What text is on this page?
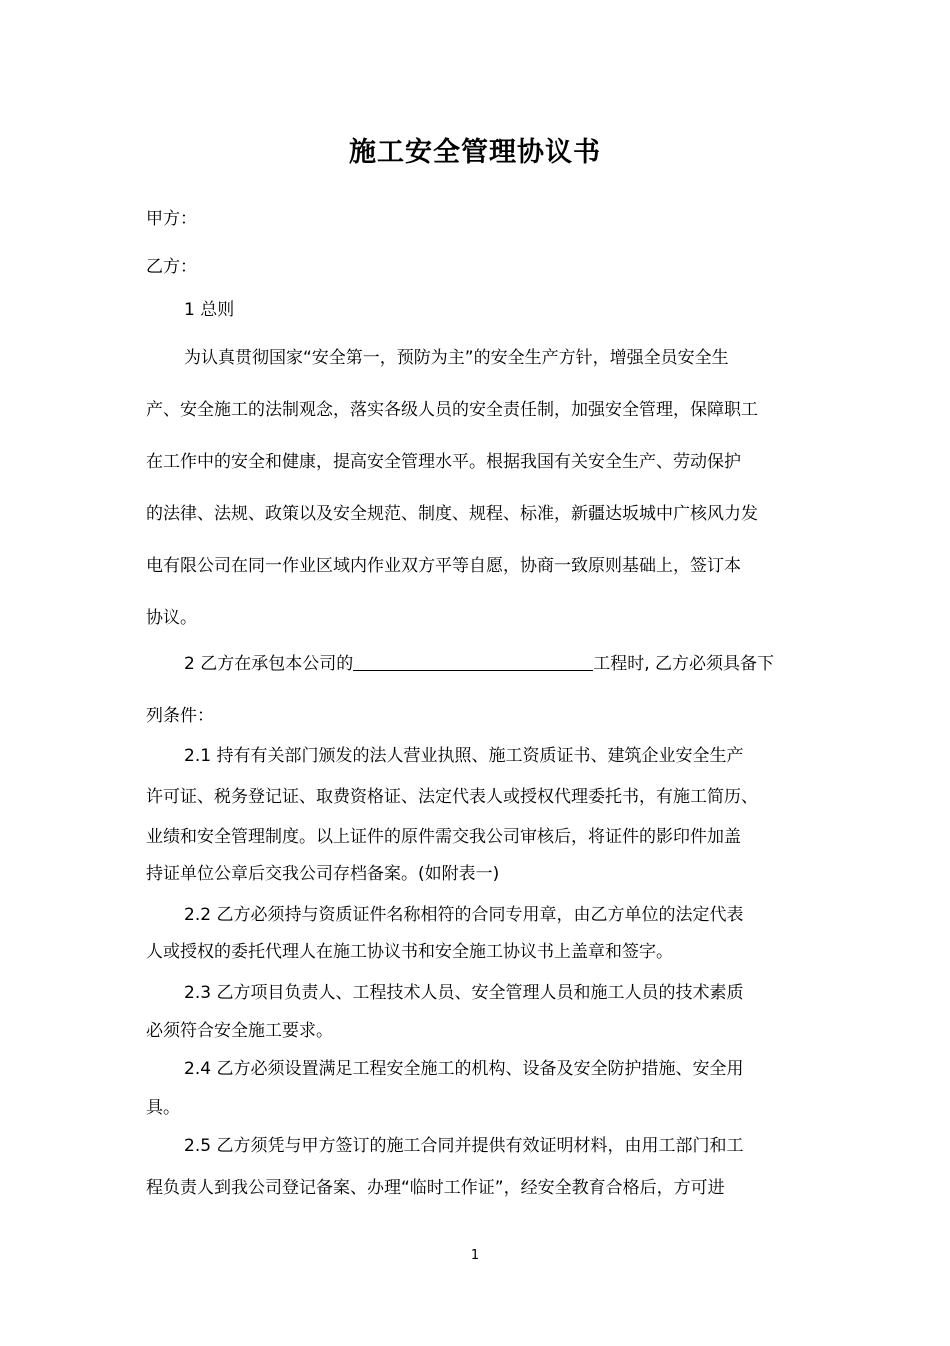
施工安全管理协议书
甲方：
乙方：
1 总则
为认真贯彻国家“安全第一，预防为主”的安全生产方针，增强全员安全生
产、安全施工的法制观念，落实各级人员的安全责任制，加强安全管理，保障职工
在工作中的安全和健康，提高安全管理水平。根据我国有关安全生产、劳动保护
的法律、法规、政策以及安全规范、制度、规程、标准，新疆达坂城中广核风力发
电有限公司在同一作业区域内作业双方平等自愿，协商一致原则基础上，签订本
协议。
2 乙方在承包本公司的	工程时, 乙方必须具备下
列条件：
2.1 持有有关部门颁发的法人营业执照、施工资质证书、建筑企业安全生产
许可证、税务登记证、取费资格证、法定代表人或授权代理委托书，有施工简历、
业绩和安全管理制度。以上证件的原件需交我公司审核后，将证件的影印件加盖
持证单位公章后交我公司存档备案。(如附表一)
2.2 乙方必须持与资质证件名称相符的合同专用章，由乙方单位的法定代表
人或授权的委托代理人在施工协议书和安全施工协议书上盖章和签字。
2.3 乙方项目负责人、工程技术人员、安全管理人员和施工人员的技术素质
必须符合安全施工要求。
2.4 乙方必须设置满足工程安全施工的机构、设备及安全防护措施、安全用
具。
2.5 乙方须凭与甲方签订的施工合同并提供有效证明材料，由用工部门和工
程负责人到我公司登记备案、办理“临时工作证”，经安全教育合格后，方可进
1
